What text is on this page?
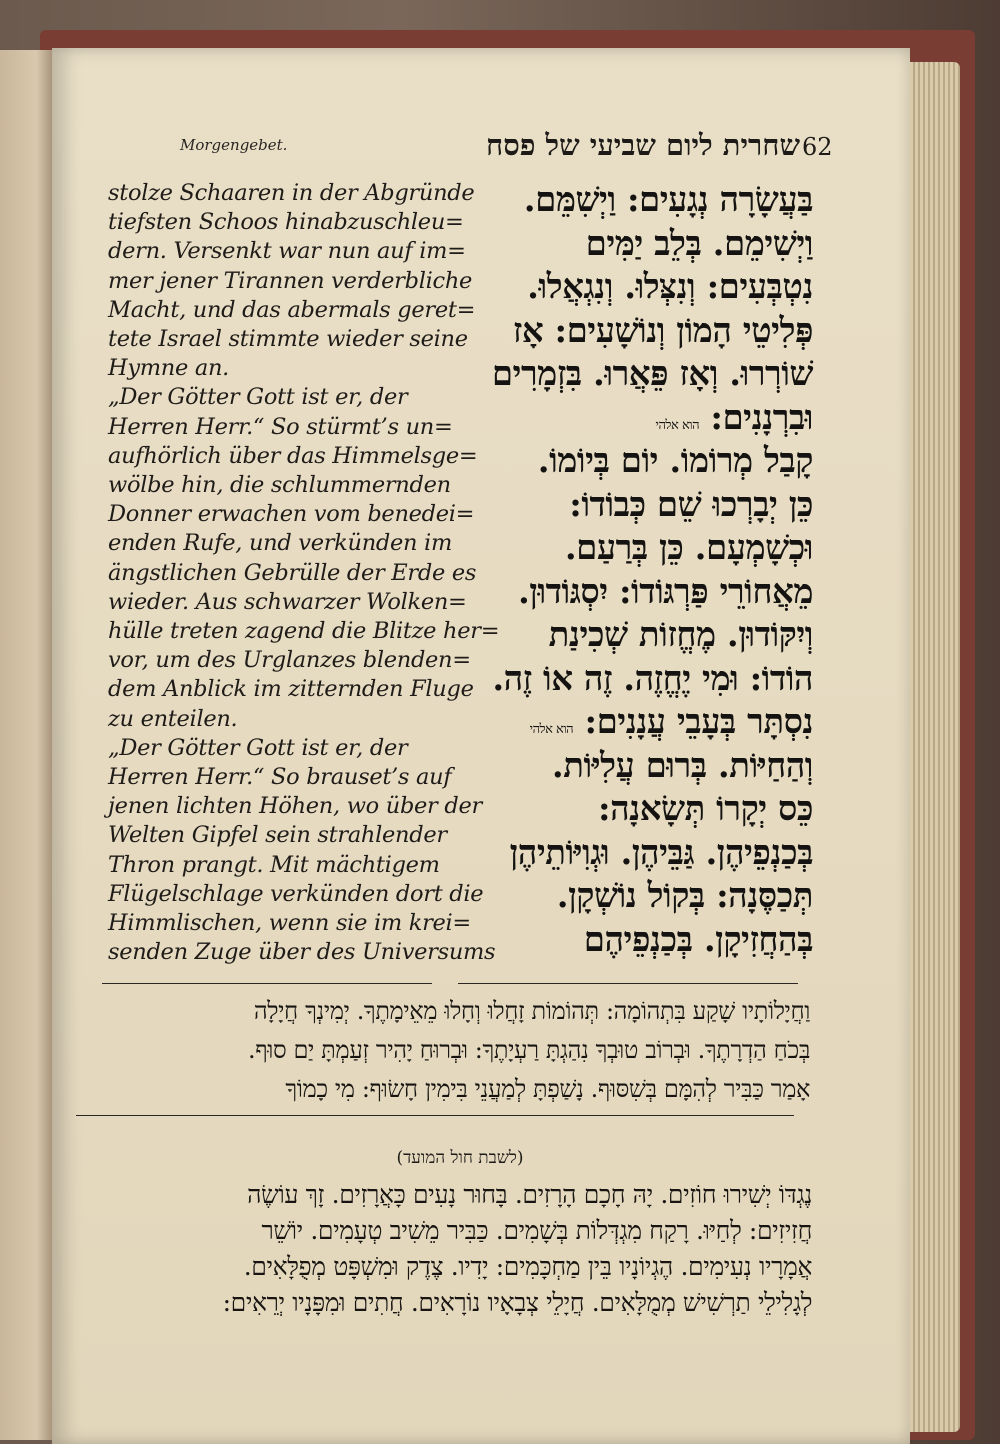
Morgengebet.	שחרית ליום שביעי של פסח 62
stolze Schaaren in der Abgründe
tiefsten Schoos hinabzuschleu=
dern. Versenkt war nun auf im=
mer jener Tirannen verderbliche
Macht, und das abermals geret=
tete Israel stimmte wieder seine
Hymne an.
„Der Götter Gott ist er, der
Herren Herr.“ So stürmt’s un=
aufhörlich über das Himmelsge=
wölbe hin, die schlummernden
Donner erwachen vom benedei=
enden Rufe, und verkünden im
ängstlichen Gebrülle der Erde es
wieder. Aus schwarzer Wolken=
hülle treten zagend die Blitze her=
vor, um des Urglanzes blenden=
dem Anblick im zitternden Fluge
zu enteilen.
„Der Götter Gott ist er, der
Herren Herr.“ So brauset’s auf
jenen lichten Höhen, wo über der
Welten Gipfel sein strahlender
Thron prangt. Mit mächtigem
Flügelschlage verkünden dort die
Himmlischen, wenn sie im krei=
senden Zuge über des Universums
בַּעֲשָׂרָה נְגָעִים: וַיְשִׁמֵּם.
וַיְשִׁימֵם. בְּלֵב יַמִּים
נִטְבְּעִים: וְנִצְּלוּ. וְנִגְאֲלוּ.
פְּלִיטֵי הָמוֹן וְנוֹשָׁעִים: אָז
שׁוֹרְרוּ. וְאָז פֵּאֲרוּ. בִּזְמָרִים
וּבִרְנָנִים: הוא אלהי
קָבַל מְרוֹמוֹ. יוֹם בְּיוֹמוֹ.
כֵּן יְבָרְכוּ שֵׁם כְּבוֹדוֹ:
וּכְשָׁמְעָם. כֵּן בְּרַעַם.
מֵאֲחוֹרֵי פַּרְגּוֹדוֹ: יִסְגּוֹדוּן.
וְיִקּוֹדוּן. מֶחֱזוֹת שְׁכִינַת
הוֹדוֹ: וּמִי יֶחֱזֶה. זֶה אוֹ זֶה.
נִסְתָּר בְּעָבֵי עֲנָנִים: הוא אלהי
וְהַחַיּוֹת. בְּרוּם עֲלִיּוֹת.
כֵּס יְקָרוֹ תְּשָׂאנָה:
בְּכַנְפֵיהֶן. גַּבֵּיהֶן. וּגְוִיּוֹתֵיהֶן
תְּכַסֶּנָה: בְּקוֹל נוֹשְׁקָן.
בְּהַחֲזִיקָן. בְּכַנְפֵיהֶם
וַחֲיָלוֹתָיו שָׁקַע בִּתְהוֹמָה: תְּהוֹמוֹת זָחֲלוּ וְחָלוּ מֵאֵימָתֶךָ. יְמִינְךָ חֲיָלָה
בְּכֹחַ הַדְרָתֶךָ. וּבְרוֹב טוּבְךָ נִהַגְתָּ רַעְיָתֶךָ: וּבְרוּחַ יָהִיר זְעַמְתָּ יַם סוּף.
אָמַר כַּבִּיר לְהִמָּם בְּשִׁסּוּף. נָשַׁפְתָּ לְמַעֲנֵי בִּימִין חָשׂוּף: מִי כָמוֹךָ
(לשבת חול המועד)
נֶגְדּוֹ יְשִׁירוּ חוֹזִים. יָהּ חָכָם הָרָזִים. בָּחוּר נָעִים כָּאֲרָזִים. זָךְ עוֹשֶׂה
חֲזִיזִים: לְחַיּוּ. רָקַח מִגְדְּלוֹת בְּשָׁמִים. כַּבִּיר מֵשִׁיב טְעָמִים. יוֹשֵׁר
אֲמָרָיו נְעִימִים. הֶגְיוֹנָיו בֵּין מַחְכָּמִים: יָדִיו. צֶדֶק וּמִשְׁפָּט מְפֻלָּאִים.
לְגָלִילֵי תַרְשִׁישׁ מְמֻלָּאִים. חֲיָלֵי צְבָאָיו נוֹרָאִים. חֲתִים וּמִפָּנָיו יְרֵאִים:
